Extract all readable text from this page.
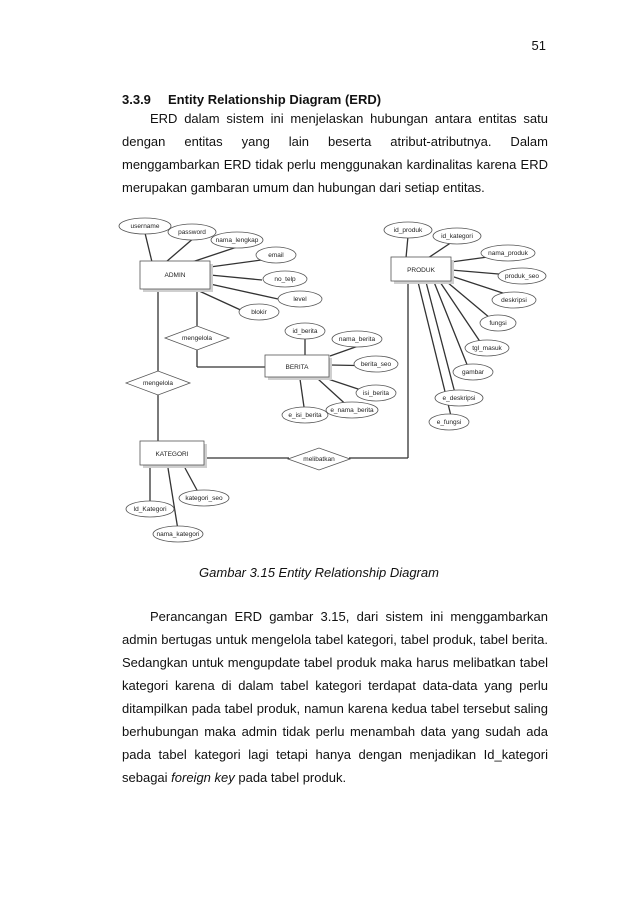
51
3.3.9 Entity Relationship Diagram (ERD)
ERD dalam sistem ini menjelaskan hubungan antara entitas satu dengan entitas yang lain beserta atribut-atributnya. Dalam menggambarkan ERD tidak perlu menggunakan kardinalitas karena ERD merupakan gambaran umum dan hubungan dari setiap entitas.
ADMIN
PRODUK
BERITA
KATEGORI
mengelola
mengelola
melibatkan
username
password
nama_lengkap
email
no_telp
level
blokir
id_produk
id_kategori
nama_produk
produk_seo
deskripsi
fungsi
tgl_masuk
gambar
e_deskripsi
e_fungsi
id_berita
nama_berita
berita_seo
isi_berita
e_nama_berita
e_isi_berita
Id_Kategori
kategori_seo
nama_kategori
Gambar 3.15 Entity Relationship Diagram
Perancangan ERD gambar 3.15, dari sistem ini menggambarkan admin bertugas untuk mengelola tabel kategori, tabel produk, tabel berita. Sedangkan untuk mengupdate tabel produk maka harus melibatkan tabel kategori karena di dalam tabel kategori terdapat data-data yang perlu ditampilkan pada tabel produk, namun karena kedua tabel tersebut saling berhubungan maka admin tidak perlu menambah data yang sudah ada pada tabel kategori lagi tetapi hanya dengan menjadikan Id_kategori sebagai foreign key pada tabel produk.
